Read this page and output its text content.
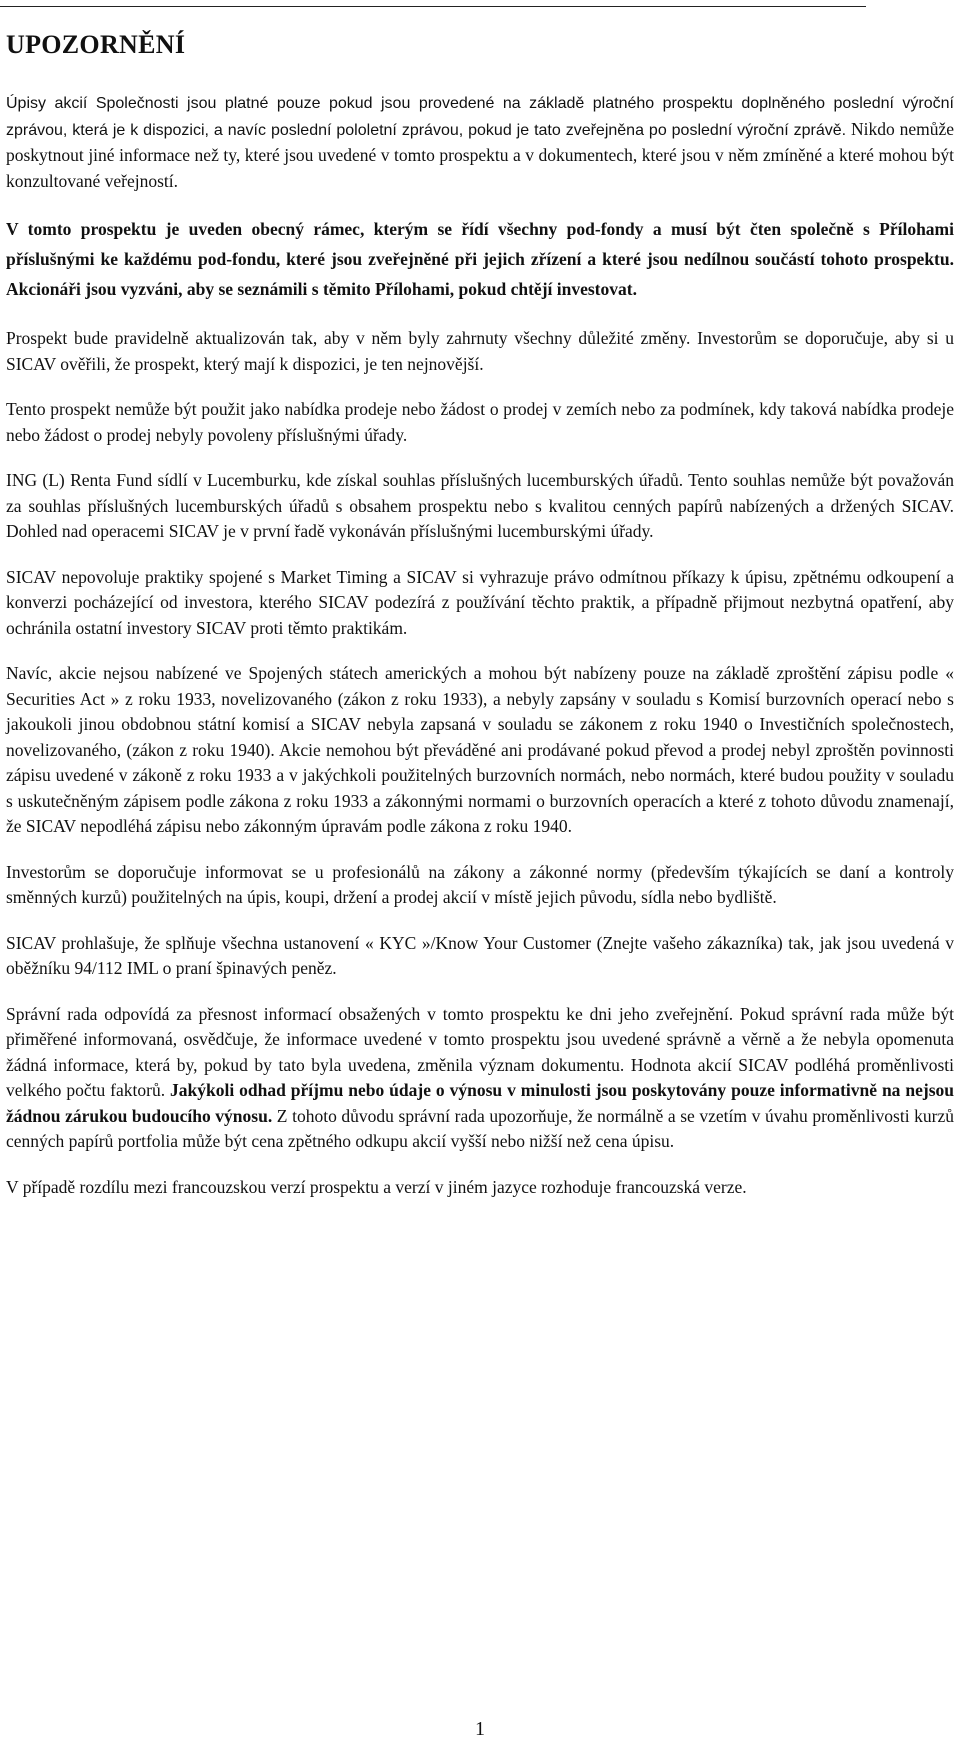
UPOZORNĚNÍ

Úpisy akcií Společnosti jsou platné pouze pokud jsou provedené na základě platného prospektu doplněného poslední výroční zprávou, která je k dispozici, a navíc poslední pololetní zprávou, pokud je tato zveřejněna po poslední výroční zprávě. Nikdo nemůže poskytnout jiné informace než ty, které jsou uvedené v tomto prospektu a v dokumentech, které jsou v něm zmíněné a které mohou být konzultované veřejností.

V tomto prospektu je uveden obecný rámec, kterým se řídí všechny pod-fondy a musí být čten společně s Přílohami příslušnými ke každému pod-fondu, které jsou zveřejněné při jejich zřízení a které jsou nedílnou součástí tohoto prospektu. Akcionáři jsou vyzváni, aby se seznámili s těmito Přílohami, pokud chtějí investovat.

Prospekt bude pravidelně aktualizován tak, aby v něm byly zahrnuty všechny důležité změny. Investorům se doporučuje, aby si u SICAV ověřili, že prospekt, který mají k dispozici, je ten nejnovější.

Tento prospekt nemůže být použit jako nabídka prodeje nebo žádost o prodej v zemích nebo za podmínek, kdy taková nabídka prodeje nebo žádost o prodej nebyly povoleny příslušnými úřady.

ING (L) Renta Fund sídlí v Lucemburku, kde získal souhlas příslušných lucemburských úřadů. Tento souhlas nemůže být považován za souhlas příslušných lucemburských úřadů s obsahem prospektu nebo s kvalitou cenných papírů nabízených a držených SICAV. Dohled nad operacemi SICAV je v první řadě vykonáván příslušnými lucemburskými úřady.

SICAV nepovoluje praktiky spojené s Market Timing a SICAV si vyhrazuje právo odmítnou příkazy k úpisu, zpětnému odkoupení a konverzi pocházející od investora, kterého SICAV podezírá z používání těchto praktik, a případně přijmout nezbytná opatření, aby ochránila ostatní investory SICAV proti těmto praktikám.

Navíc, akcie nejsou nabízené ve Spojených státech amerických a mohou být nabízeny pouze na základě zproštění zápisu podle « Securities Act » z roku 1933, novelizovaného (zákon z roku 1933), a nebyly zapsány v souladu s Komisí burzovních operací nebo s jakoukoli jinou obdobnou státní komisí a SICAV nebyla zapsaná v souladu se zákonem z roku 1940 o Investičních společnostech, novelizovaného, (zákon z roku 1940). Akcie nemohou být převáděné ani prodávané pokud převod a prodej nebyl zproštěn povinnosti zápisu uvedené v zákoně z roku 1933 a v jakýchkoli použitelných burzovních normách, nebo normách, které budou použity v souladu s uskutečněným zápisem podle zákona z roku 1933 a zákonnými normami o burzovních operacích a které z tohoto důvodu znamenají, že SICAV nepodléhá zápisu nebo zákonným úpravám podle zákona z roku 1940.

Investorům se doporučuje informovat se u profesionálů na zákony a zákonné normy (především týkajících se daní a kontroly směnných kurzů) použitelných na úpis, koupi, držení a prodej akcií v místě jejich původu, sídla nebo bydliště.

SICAV prohlašuje, že splňuje všechna ustanovení « KYC »/Know Your Customer (Znejte vašeho zákazníka) tak, jak jsou uvedená v oběžníku 94/112 IML o praní špinavých peněz.

Správní rada odpovídá za přesnost informací obsažených v tomto prospektu ke dni jeho zveřejnění. Pokud správní rada může být přiměřené informovaná, osvědčuje, že informace uvedené v tomto prospektu jsou uvedené správně a věrně a že nebyla opomenuta žádná informace, která by, pokud by tato byla uvedena, změnila význam dokumentu. Hodnota akcií SICAV podléhá proměnlivosti velkého počtu faktorů. Jakýkoli odhad příjmu nebo údaje o výnosu v minulosti jsou poskytovány pouze informativně na nejsou žádnou zárukou budoucího výnosu. Z tohoto důvodu správní rada upozorňuje, že normálně a se vzetím v úvahu proměnlivosti kurzů cenných papírů portfolia může být cena zpětného odkupu akcií vyšší nebo nižší než cena úpisu.

V případě rozdílu mezi francouzskou verzí prospektu a verzí v jiném jazyce rozhoduje francouzská verze.

1
